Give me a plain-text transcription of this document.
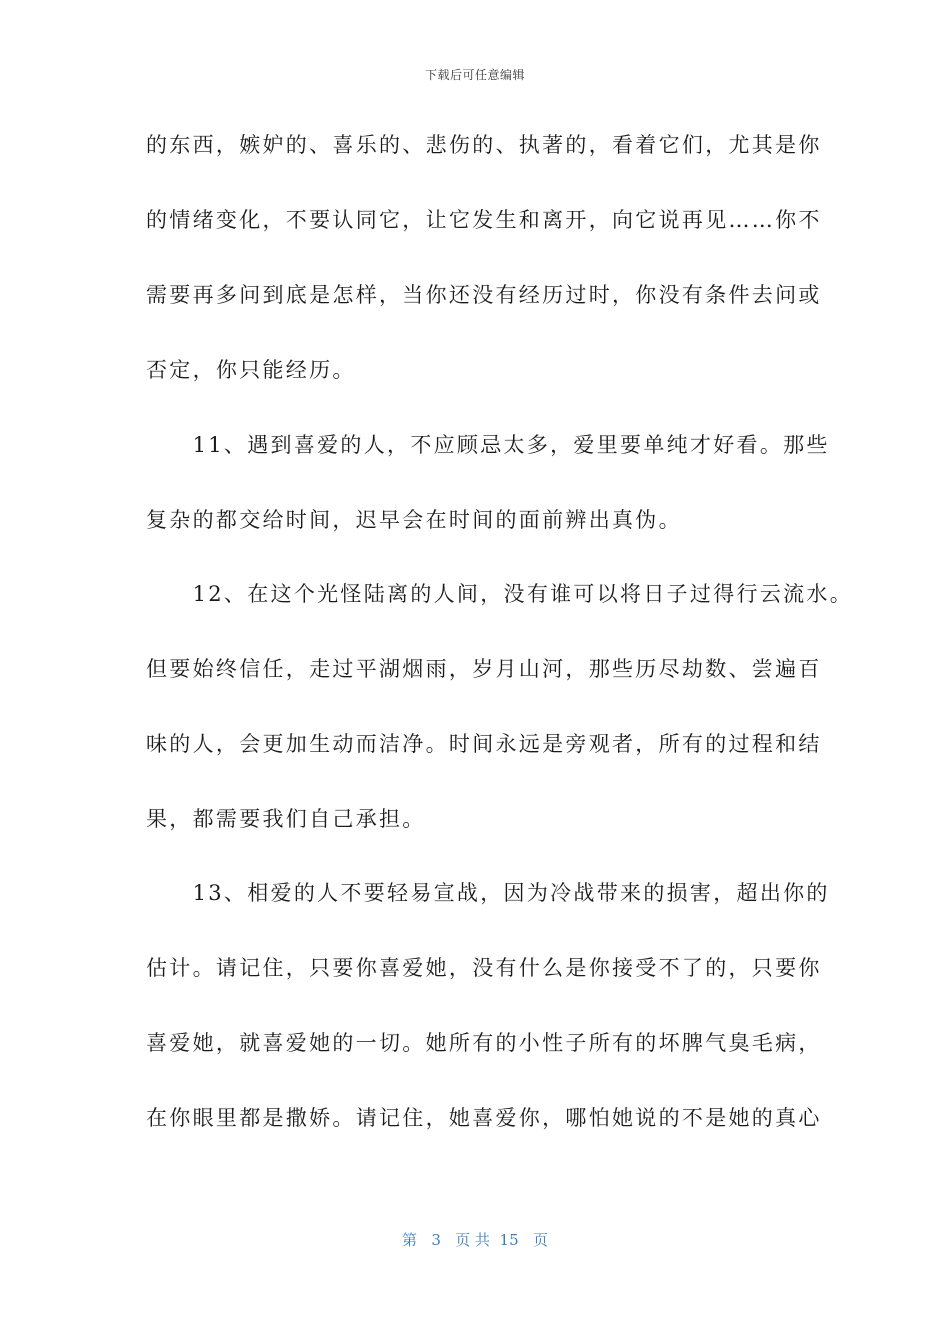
下载后可任意编辑
的东西，嫉妒的、喜乐的、悲伤的、执著的，看着它们，尤其是你
的情绪变化，不要认同它，让它发生和离开，向它说再见……你不
需要再多问到底是怎样，当你还没有经历过时，你没有条件去问或
否定，你只能经历。
　　11、遇到喜爱的人，不应顾忌太多，爱里要单纯才好看。那些
复杂的都交给时间，迟早会在时间的面前辨出真伪。
　　12、在这个光怪陆离的人间，没有谁可以将日子过得行云流水。
但要始终信任，走过平湖烟雨，岁月山河，那些历尽劫数、尝遍百
味的人，会更加生动而洁净。时间永远是旁观者，所有的过程和结
果，都需要我们自己承担。
　　13、相爱的人不要轻易宣战，因为冷战带来的损害，超出你的
估计。请记住，只要你喜爱她，没有什么是你接受不了的，只要你
喜爱她，就喜爱她的一切。她所有的小性子所有的坏脾气臭毛病，
在你眼里都是撒娇。请记住，她喜爱你，哪怕她说的不是她的真心
第 3 页 共 15 页
